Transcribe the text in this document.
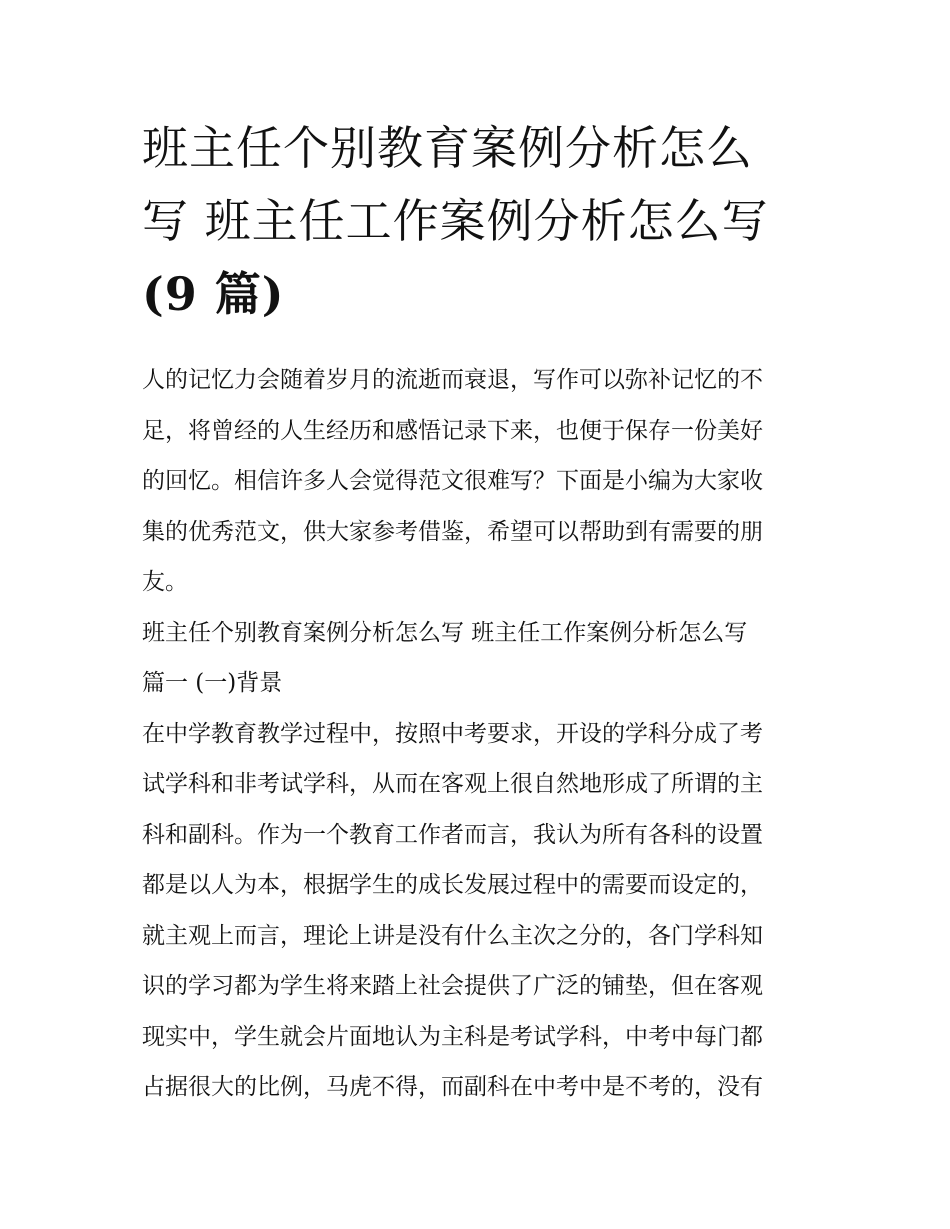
班主任个别教育案例分析怎么
写 班主任工作案例分析怎么写
(9 篇)
人的记忆力会随着岁月的流逝而衰退，写作可以弥补记忆的不
足，将曾经的人生经历和感悟记录下来，也便于保存一份美好
的回忆。相信许多人会觉得范文很难写？下面是小编为大家收
集的优秀范文，供大家参考借鉴，希望可以帮助到有需要的朋
友。
班主任个别教育案例分析怎么写 班主任工作案例分析怎么写
篇一 (一)背景
在中学教育教学过程中，按照中考要求，开设的学科分成了考
试学科和非考试学科，从而在客观上很自然地形成了所谓的主
科和副科。作为一个教育工作者而言，我认为所有各科的设置
都是以人为本，根据学生的成长发展过程中的需要而设定的，
就主观上而言，理论上讲是没有什么主次之分的，各门学科知
识的学习都为学生将来踏上社会提供了广泛的铺垫，但在客观
现实中，学生就会片面地认为主科是考试学科，中考中每门都
占据很大的比例，马虎不得，而副科在中考中是不考的，没有
